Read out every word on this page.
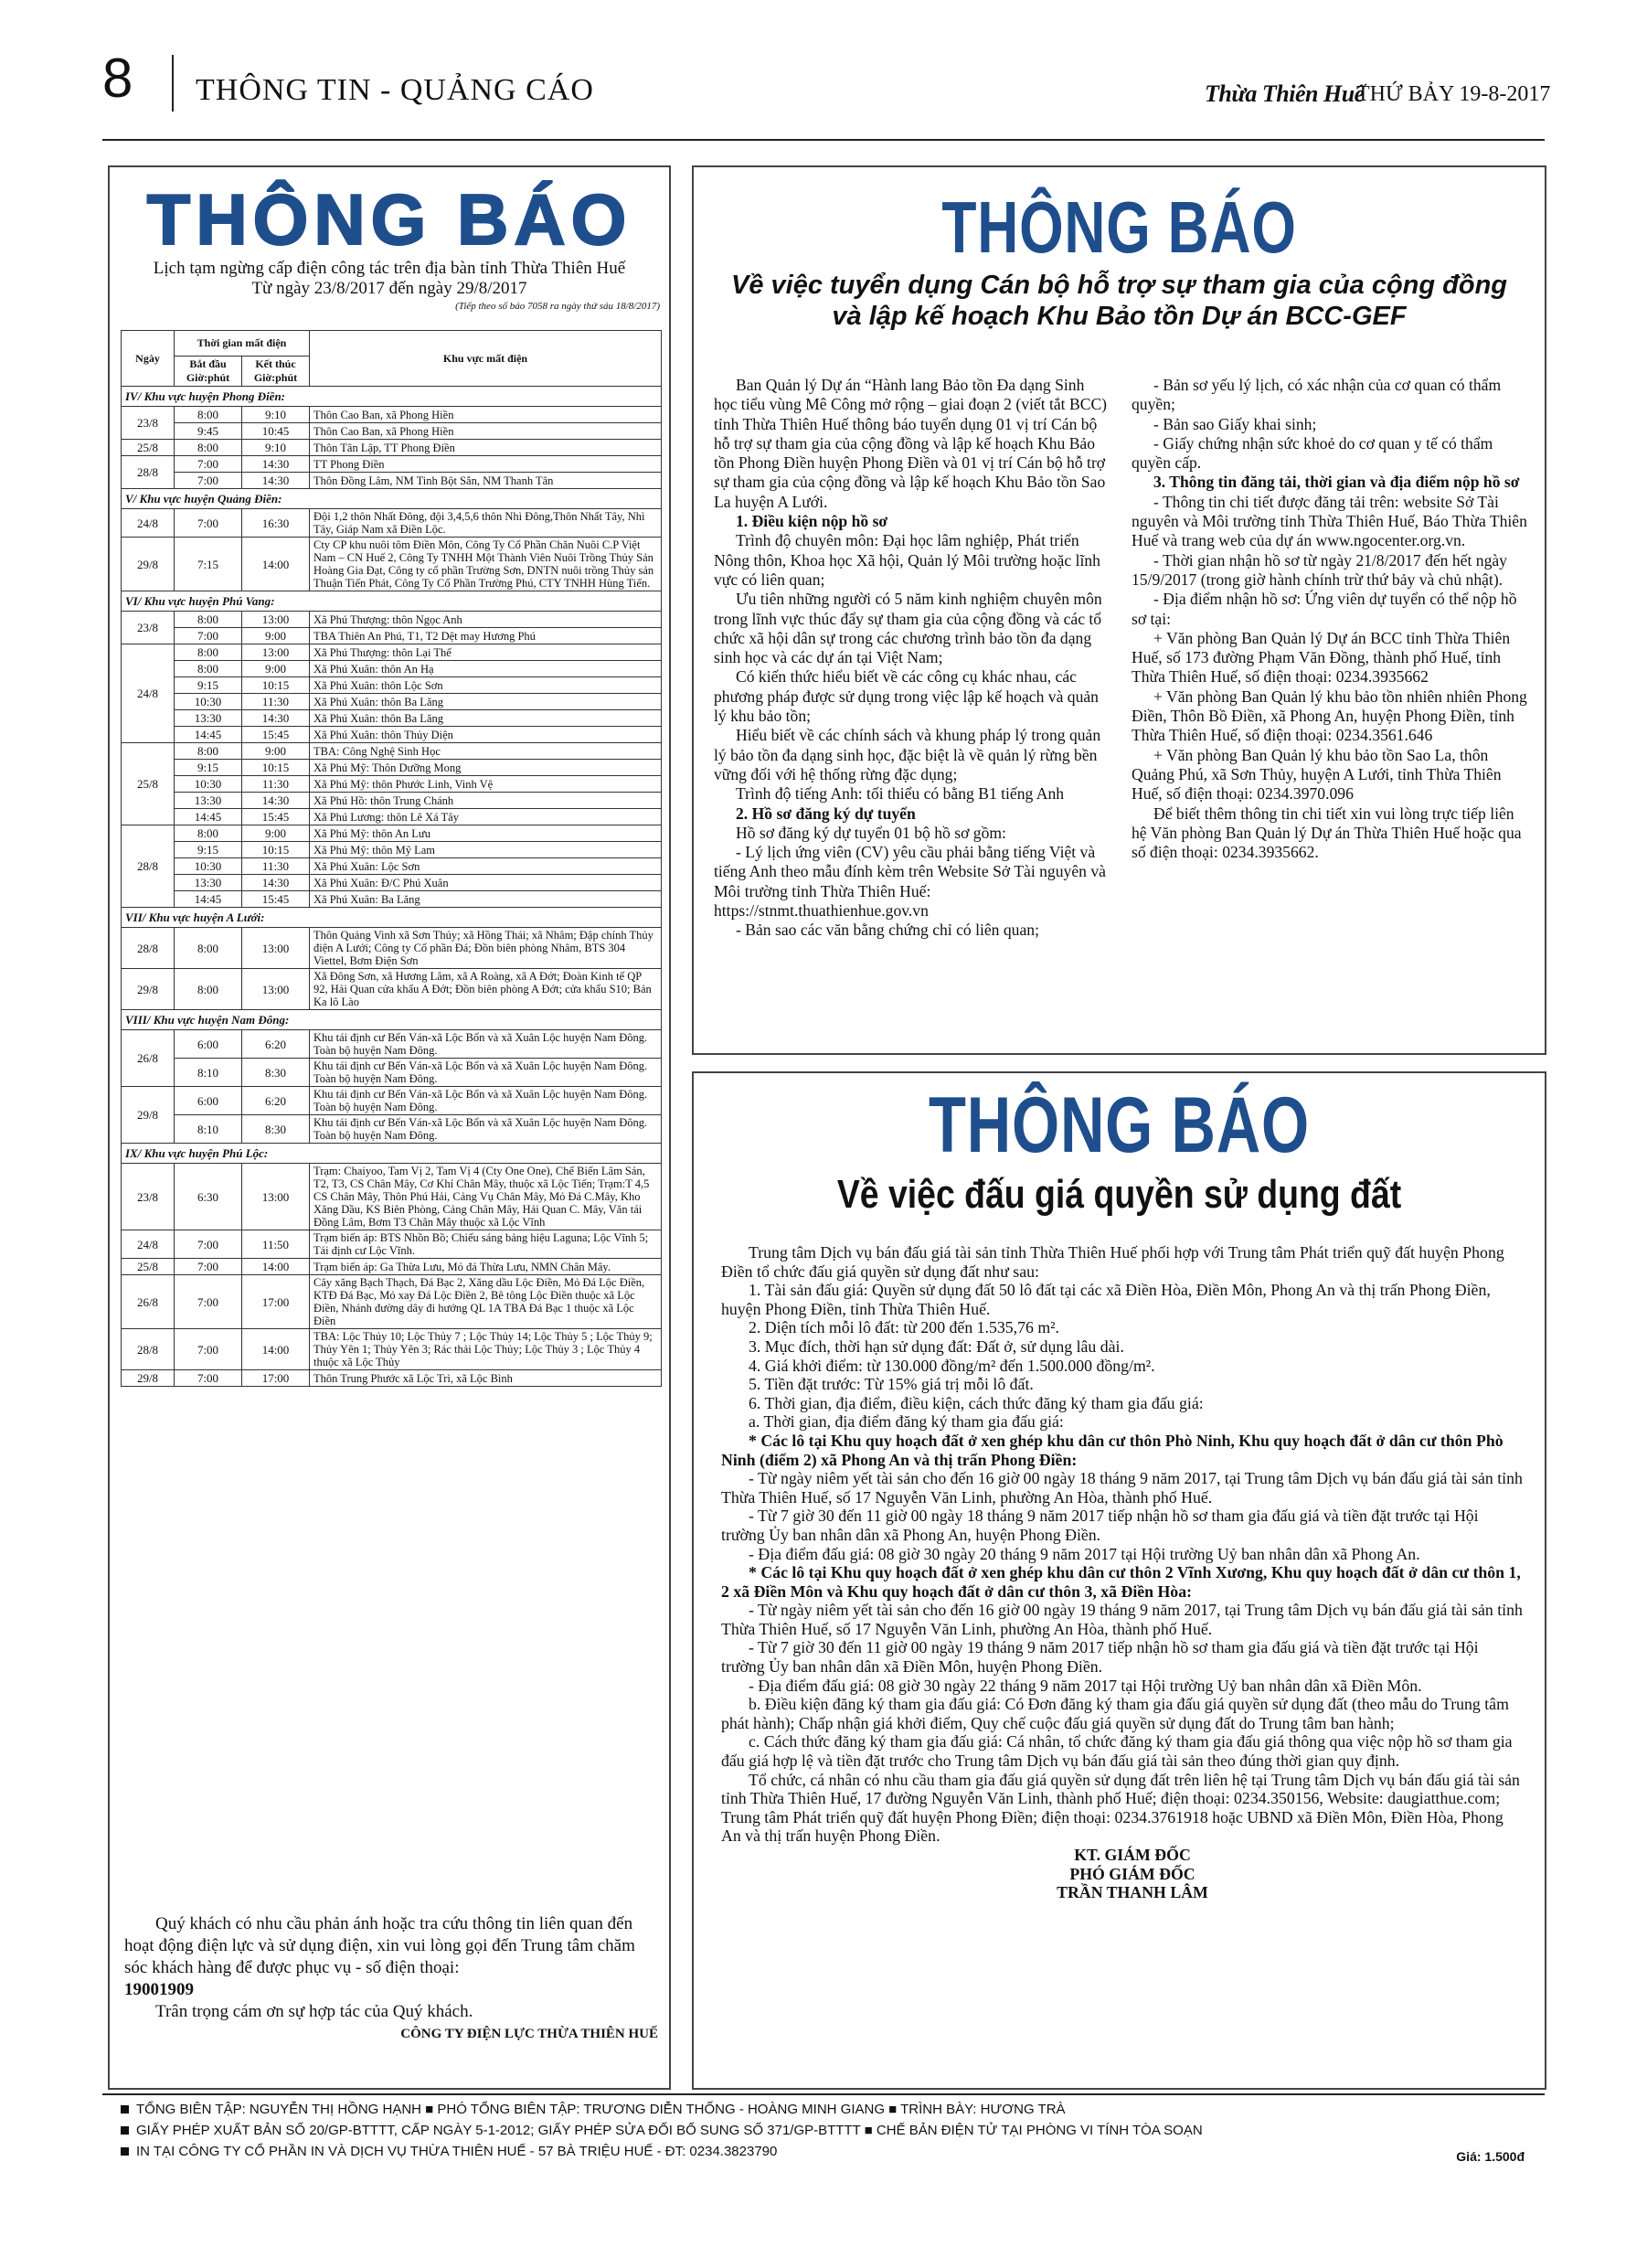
8 THÔNG TIN - QUẢNG CÁO	Thừa Thiên Huế
THỨ BẢY 19-8-2017
THÔNG BÁO
Lịch tạm ngừng cấp điện công tác trên địa bàn tỉnh Thừa Thiên Huế
Từ ngày 23/8/2017 đến ngày 29/8/2017
(Tiếp theo số báo 7058 ra ngày thứ sáu 18/8/2017)
Ngày	Thời gian mất điện		Khu vực mất điện
	Bắt đầu Giờ:phút	Kết thúc Giờ:phút	
IV/ Khu vực huyện Phong Điền:			
23/8	8:00	9:10	Thôn Cao Ban, xã Phong Hiền
	9:45	10:45	Thôn Cao Ban, xã Phong Hiền
25/8	8:00	9:10	Thôn Tân Lập, TT Phong Điền
28/8	7:00	14:30	TT Phong Điền
	7:00	14:30	Thôn Đồng Lâm, NM Tinh Bột Sắn, NM Thanh Tân
V/ Khu vực huyện Quảng Điền:			
24/8	7:00	16:30	Đội 1,2 thôn Nhất Đông, đội 3,4,5,6 thôn Nhì Đông,Thôn Nhất Tây, Nhì Tây, Giáp Nam xã Điền Lộc.
29/8	7:15	14:00	Cty CP khu nuôi tôm Điền Môn, Công Ty Cổ Phần Chăn Nuôi C.P Việt Nam – CN Huế 2, Công Ty TNHH Một Thành Viên Nuôi Trồng Thủy Sản Hoàng Gia Đạt, Công ty cổ phần Trường Sơn, DNTN nuôi trồng Thủy sản Thuận Tiến Phát, Công Ty Cổ Phần Trường Phú, CTY TNHH Hùng Tiến.
VI/ Khu vực huyện Phú Vang:			
23/8	8:00	13:00	Xã Phú Thượng: thôn Ngọc Anh
	7:00	9:00	TBA Thiên An Phú, T1, T2 Dệt may Hương Phú
24/8	8:00	13:00	Xã Phú Thượng: thôn Lại Thế
	8:00	9:00	Xã Phú Xuân: thôn An Hạ
	9:15	10:15	Xã Phú Xuân: thôn Lộc Sơn
	10:30	11:30	Xã Phú Xuân: thôn Ba Lăng
	13:30	14:30	Xã Phú Xuân: thôn Ba Lăng
	14:45	15:45	Xã Phú Xuân: thôn Thủy Diện
25/8	8:00	9:00	TBA: Công Nghệ Sinh Học
	9:15	10:15	Xã Phú Mỹ: Thôn Dưỡng Mong
	10:30	11:30	Xã Phú Mỹ: thôn Phước Linh, Vinh Vệ
	13:30	14:30	Xã Phú Hồ: thôn Trung Chánh
	14:45	15:45	Xã Phú Lương: thôn Lê Xá Tây
28/8	8:00	9:00	Xã Phú Mỹ: thôn An Lưu
	9:15	10:15	Xã Phú Mỹ: thôn Mỹ Lam
	10:30	11:30	Xã Phú Xuân: Lộc Sơn
	13:30	14:30	Xã Phú Xuân: Đ/C Phú Xuân
	14:45	15:45	Xã Phú Xuân: Ba Lăng
VII/ Khu vực huyện A Lưới:			
28/8	8:00	13:00	Thôn Quảng Vinh xã Sơn Thủy; xã Hồng Thái; xã Nhâm; Đập chính Thủy điện A Lưới; Công ty Cổ phần Đá; Đồn biên phòng Nhâm, BTS 304 Viettel, Bơm Điện Sơn
29/8	8:00	13:00	Xã Đông Sơn, xã Hương Lâm, xã A Roàng, xã A Đớt; Đoàn Kinh tế QP 92, Hải Quan cửa khẩu A Đớt; Đồn biên phòng A Đớt; cửa khẩu S10; Bản Ka lô Lào
VIII/ Khu vực huyện Nam Đông:			
26/8	6:00	6:20	Khu tái định cư Bến Ván-xã Lộc Bổn và xã Xuân Lộc huyện Nam Đông. Toàn bộ huyện Nam Đông.
	8:10	8:30	Khu tái định cư Bến Ván-xã Lộc Bổn và xã Xuân Lộc huyện Nam Đông. Toàn bộ huyện Nam Đông.
29/8	6:00	6:20	Khu tái định cư Bến Ván-xã Lộc Bổn và xã Xuân Lộc huyện Nam Đông. Toàn bộ huyện Nam Đông.
	8:10	8:30	Khu tái định cư Bến Ván-xã Lộc Bổn và xã Xuân Lộc huyện Nam Đông. Toàn bộ huyện Nam Đông.
IX/ Khu vực huyện Phú Lộc:			
23/8	6:30	13:00	Trạm: Chaiyoo, Tam Vị 2, Tam Vị 4 (Cty One One), Chế Biến Lâm Sản, T2, T3, CS Chân Mây, Cơ Khí Chân Mây, thuộc xã Lộc Tiến; Trạm:T 4,5 CS Chân Mây, Thôn Phú Hải, Cảng Vụ Chân Mây, Mỏ Đá C.Mây, Kho Xăng Dầu, KS Biên Phòng, Cảng Chân Mây, Hải Quan C. Mây, Văn tái Đồng Lâm, Bơm T3 Chân Mây thuộc xã Lộc Vĩnh
24/8	7:00	11:50	Trạm biến áp: BTS Nhồn Bồ; Chiếu sáng bảng hiệu Laguna; Lộc Vĩnh 5; Tái định cư Lộc Vĩnh.
25/8	7:00	14:00	Trạm biến áp: Ga Thừa Lưu, Mỏ đá Thừa Lưu, NMN Chân Mây.
26/8	7:00	17:00	Cây xăng Bạch Thạch, Đá Bạc 2, Xăng dầu Lộc Điền, Mỏ Đá Lộc Điền, KTĐ Đá Bạc, Mỏ xay Đá Lộc Điền 2, Bê tông Lộc Điền thuộc xã Lộc Điền, Nhánh đường dây đi hướng QL 1A TBA Đá Bạc 1 thuộc xã Lộc Điền
28/8	7:00	14:00	TBA: Lộc Thủy 10; Lộc Thủy 7 ; Lộc Thủy 14; Lộc Thủy 5 ; Lộc Thủy 9; Thủy Yên 1; Thủy Yên 3; Rác thải Lộc Thủy; Lộc Thủy 3 ; Lộc Thủy 4 thuộc xã Lộc Thủy
29/8	7:00	17:00	Thôn Trung Phước xã Lộc Trì, xã Lộc Bình

Quý khách có nhu cầu phản ánh hoặc tra cứu thông tin liên quan đến hoạt động điện lực và sử dụng điện, xin vui lòng gọi đến Trung tâm chăm sóc khách hàng để được phục vụ - số điện thoại:

19001909

Trân trọng cám ơn sự hợp tác của Quý khách.

CÔNG TY ĐIỆN LỰC THỪA THIÊN HUẾ
THÔNG BÁO
Về việc tuyển dụng Cán bộ hỗ trợ sự tham gia của cộng đồng
và lập kế hoạch Khu Bảo tồn Dự án BCC-GEF

Ban Quản lý Dự án “Hành lang Bảo tồn Đa dạng Sinh học tiểu vùng Mê Công mở rộng – giai đoạn 2 (viết tắt BCC) tỉnh Thừa Thiên Huế thông báo tuyển dụng 01 vị trí Cán bộ hỗ trợ sự tham gia của cộng đồng và lập kế hoạch Khu Bảo tồn Phong Điền huyện Phong Điền và 01 vị trí Cán bộ hỗ trợ sự tham gia của cộng đồng và lập kế hoạch Khu Bảo tồn Sao La huyện A Lưới.

1. Điều kiện nộp hồ sơ

Trình độ chuyên môn: Đại học lâm nghiệp, Phát triển Nông thôn, Khoa học Xã hội, Quản lý Môi trường hoặc lĩnh vực có liên quan;

Ưu tiên những người có 5 năm kinh nghiệm chuyên môn trong lĩnh vực thúc đẩy sự tham gia của cộng đồng và các tổ chức xã hội dân sự trong các chương trình bảo tồn đa dạng sinh học và các dự án tại Việt Nam;

Có kiến thức hiểu biết về các công cụ khác nhau, các phương pháp được sử dụng trong việc lập kế hoạch và quản lý khu bảo tồn;

Hiểu biết về các chính sách và khung pháp lý trong quản lý bảo tồn đa dạng sinh học, đặc biệt là về quản lý rừng bền vững đối với hệ thống rừng đặc dụng;

Trình độ tiếng Anh: tối thiểu có bằng B1 tiếng Anh

2. Hồ sơ đăng ký dự tuyển

Hồ sơ đăng ký dự tuyển 01 bộ hồ sơ gồm:

- Lý lịch ứng viên (CV) yêu cầu phải bằng tiếng Việt và tiếng Anh theo mẫu đính kèm trên Website Sở Tài nguyên và Môi trường tỉnh Thừa Thiên Huế: https://stnmt.thuathienhue.gov.vn

- Bản sao các văn bằng chứng chỉ có liên quan;

- Bản sơ yếu lý lịch, có xác nhận của cơ quan có thẩm quyền;

- Bản sao Giấy khai sinh;

- Giấy chứng nhận sức khoẻ do cơ quan y tế có thẩm quyền cấp.

3. Thông tin đăng tải, thời gian và địa điểm nộp hồ sơ

- Thông tin chi tiết được đăng tải trên: website Sở Tài nguyên và Môi trường tỉnh Thừa Thiên Huế, Báo Thừa Thiên Huế và trang web của dự án www.ngocenter.org.vn.

- Thời gian nhận hồ sơ từ ngày 21/8/2017 đến hết ngày 15/9/2017 (trong giờ hành chính trừ thứ bảy và chủ nhật).

- Địa điểm nhận hồ sơ: Ứng viên dự tuyển có thể nộp hồ sơ tại:

+ Văn phòng Ban Quản lý Dự án BCC tỉnh Thừa Thiên Huế, số 173 đường Phạm Văn Đồng, thành phố Huế, tỉnh Thừa Thiên Huế, số điện thoại: 0234.3935662

+ Văn phòng Ban Quản lý khu bảo tồn nhiên nhiên Phong Điền, Thôn Bồ Điền, xã Phong An, huyện Phong Điền, tỉnh Thừa Thiên Huế, số điện thoại: 0234.3561.646

+ Văn phòng Ban Quản lý khu bảo tồn Sao La, thôn Quảng Phú, xã Sơn Thủy, huyện A Lưới, tỉnh Thừa Thiên Huế, số điện thoại: 0234.3970.096

Để biết thêm thông tin chi tiết xin vui lòng trực tiếp liên hệ Văn phòng Ban Quản lý Dự án Thừa Thiên Huế hoặc qua số điện thoại: 0234.3935662.

THÔNG BÁO
Về việc đấu giá quyền sử dụng đất

Trung tâm Dịch vụ bán đấu giá tài sản tỉnh Thừa Thiên Huế phối hợp với Trung tâm Phát triển quỹ đất huyện Phong Điền tổ chức đấu giá quyền sử dụng đất như sau:

1. Tài sản đấu giá: Quyền sử dụng đất 50 lô đất tại các xã Điền Hòa, Điền Môn, Phong An và thị trấn Phong Điền, huyện Phong Điền, tỉnh Thừa Thiên Huế.

2. Diện tích mỗi lô đất: từ 200 đến 1.535,76 m².

3. Mục đích, thời hạn sử dụng đất: Đất ở, sử dụng lâu dài.

4. Giá khởi điểm: từ 130.000 đồng/m² đến 1.500.000 đồng/m².

5. Tiền đặt trước: Từ 15% giá trị mỗi lô đất.

6. Thời gian, địa điểm, điều kiện, cách thức đăng ký tham gia đấu giá:

a. Thời gian, địa điểm đăng ký tham gia đấu giá:

* Các lô tại Khu quy hoạch đất ở xen ghép khu dân cư thôn Phò Ninh, Khu quy hoạch đất ở dân cư thôn Phò Ninh (điểm 2) xã Phong An và thị trấn Phong Điền:

- Từ ngày niêm yết tài sản cho đến 16 giờ 00 ngày 18 tháng 9 năm 2017, tại Trung tâm Dịch vụ bán đấu giá tài sản tỉnh Thừa Thiên Huế, số 17 Nguyễn Văn Linh, phường An Hòa, thành phố Huế.

- Từ 7 giờ 30 đến 11 giờ 00 ngày 18 tháng 9 năm 2017 tiếp nhận hồ sơ tham gia đấu giá và tiền đặt trước tại Hội trường Ủy ban nhân dân xã Phong An, huyện Phong Điền.

- Địa điểm đấu giá: 08 giờ 30 ngày 20 tháng 9 năm 2017 tại Hội trường Uỷ ban nhân dân xã Phong An.

* Các lô tại Khu quy hoạch đất ở xen ghép khu dân cư thôn 2 Vĩnh Xương, Khu quy hoạch đất ở dân cư thôn 1, 2 xã Điền Môn và Khu quy hoạch đất ở dân cư thôn 3, xã Điền Hòa:

- Từ ngày niêm yết tài sản cho đến 16 giờ 00 ngày 19 tháng 9 năm 2017, tại Trung tâm Dịch vụ bán đấu giá tài sản tỉnh Thừa Thiên Huế, số 17 Nguyễn Văn Linh, phường An Hòa, thành phố Huế.

- Từ 7 giờ 30 đến 11 giờ 00 ngày 19 tháng 9 năm 2017 tiếp nhận hồ sơ tham gia đấu giá và tiền đặt trước tại Hội trường Ủy ban nhân dân xã Điền Môn, huyện Phong Điền.

- Địa điểm đấu giá: 08 giờ 30 ngày 22 tháng 9 năm 2017 tại Hội trường Uỷ ban nhân dân xã Điền Môn.

b. Điều kiện đăng ký tham gia đấu giá: Có Đơn đăng ký tham gia đấu giá quyền sử dụng đất (theo mẫu do Trung tâm phát hành); Chấp nhận giá khởi điểm, Quy chế cuộc đấu giá quyền sử dụng đất do Trung tâm ban hành;

c. Cách thức đăng ký tham gia đấu giá: Cá nhân, tổ chức đăng ký tham gia đấu giá thông qua việc nộp hồ sơ tham gia đấu giá hợp lệ và tiền đặt trước cho Trung tâm Dịch vụ bán đấu giá tài sản theo đúng thời gian quy định.

Tổ chức, cá nhân có nhu cầu tham gia đấu giá quyền sử dụng đất trên liên hệ tại Trung tâm Dịch vụ bán đấu giá tài sản tỉnh Thừa Thiên Huế, 17 đường Nguyễn Văn Linh, thành phố Huế; điện thoại: 0234.350156, Website: daugiatthue.com; Trung tâm Phát triển quỹ đất huyện Phong Điền; điện thoại: 0234.3761918 hoặc UBND xã Điền Môn, Điền Hòa, Phong An và thị trấn huyện Phong Điền.

KT. GIÁM ĐỐC

PHÓ GIÁM ĐỐC

TRẦN THANH LÂM

TỔNG BIÊN TẬP: NGUYỄN THỊ HỒNG HẠNH ■ PHÓ TỔNG BIÊN TẬP: TRƯƠNG DIỄN THỐNG - HOÀNG MINH GIANG ■ TRÌNH BÀY: HƯƠNG TRÀ
GIẤY PHÉP XUẤT BẢN SỐ 20/GP-BTTTT, CẤP NGÀY 5-1-2012; GIẤY PHÉP SỬA ĐỔI BỔ SUNG SỐ 371/GP-BTTTT ■ CHẾ BẢN ĐIỆN TỬ TẠI PHÒNG VI TÍNH TÒA SOẠN
IN TẠI CÔNG TY CỔ PHẦN IN VÀ DỊCH VỤ THỪA THIÊN HUẾ - 57 BÀ TRIỆU HUẾ - ĐT: 0234.3823790	Giá: 1.500đ
